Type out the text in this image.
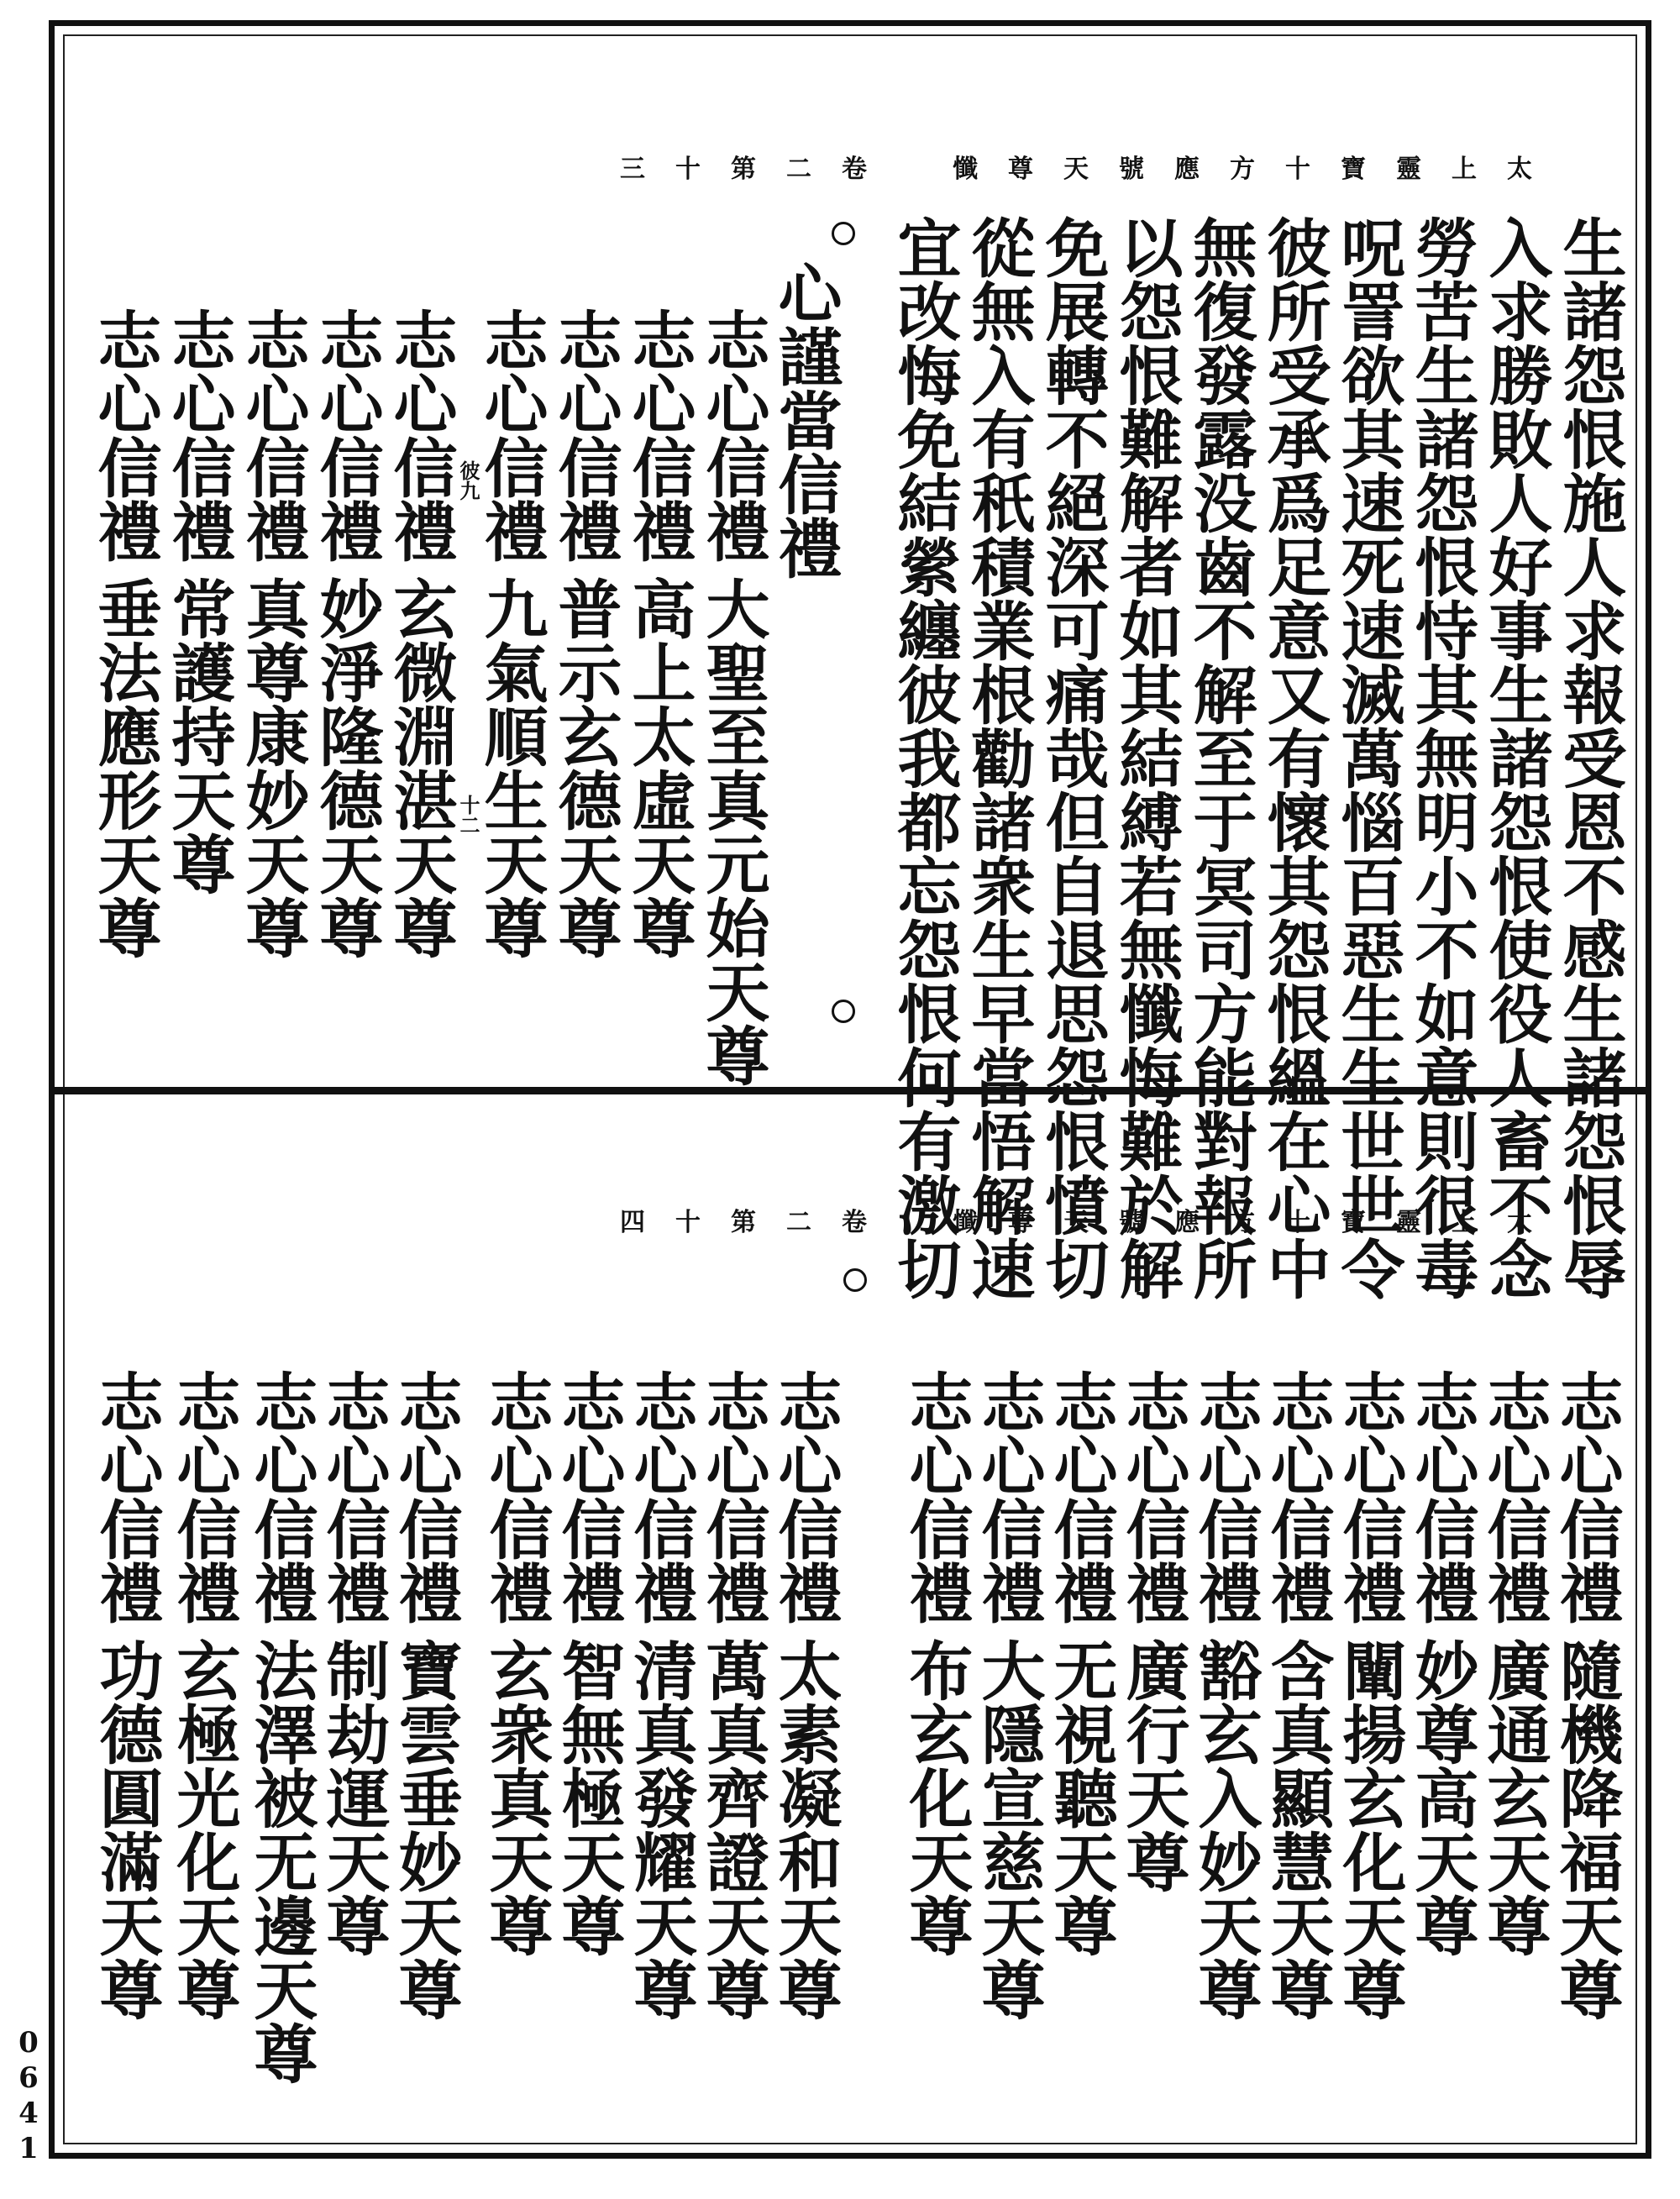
三十第二卷　懺尊天號應方十寶靈上太
生諸怨恨施人求報受恩不感生諸怨恨辱
入求勝敗人好事生諸怨恨使役人畜不念
勞苦生諸怨恨恃其無明小不如意則很毒
呪詈欲其速死速滅萬惱百惡生生世世令
彼所受承爲足意又有懷其怨恨縕在心中
無復發露没齒不解至于冥司方能對報所
以怨恨難解者如其結縛若無懺悔難於解
免展轉不絕深可痛哉但自退思怨恨憤切
從無入有秖積業根勸諸衆生早當悟解速
宜改悔免結縈纏彼我都忘怨恨何有激切
心謹當信禮
志心信禮
大聖至真元始天尊
志心信禮
高上太虛天尊
志心信禮
普示玄德天尊
志心信禮
九氣順生天尊
彼九
志心信禮
玄微淵湛天尊
十二
志心信禮
妙淨隆德天尊
志心信禮
真尊康妙天尊
志心信禮
常護持天尊
志心信禮
垂法應形天尊
四十第二卷　懺尊天號應方十寶靈上太
志心信禮
隨機降福天尊
志心信禮
廣通玄天尊
志心信禮
妙尊高天尊
志心信禮
闡揚玄化天尊
志心信禮
含真顯慧天尊
志心信禮
豁玄入妙天尊
志心信禮
廣行天尊
志心信禮
无視聽天尊
志心信禮
大隱宣慈天尊
志心信禮
布玄化天尊
志心信禮
太素凝和天尊
志心信禮
萬真齊證天尊
志心信禮
清真發耀天尊
志心信禮
智無極天尊
志心信禮
玄衆真天尊
志心信禮
寶雲垂妙天尊
志心信禮
制劫運天尊
志心信禮
法澤被无邊天尊
志心信禮
玄極光化天尊
志心信禮
功德圓滿天尊
0641
